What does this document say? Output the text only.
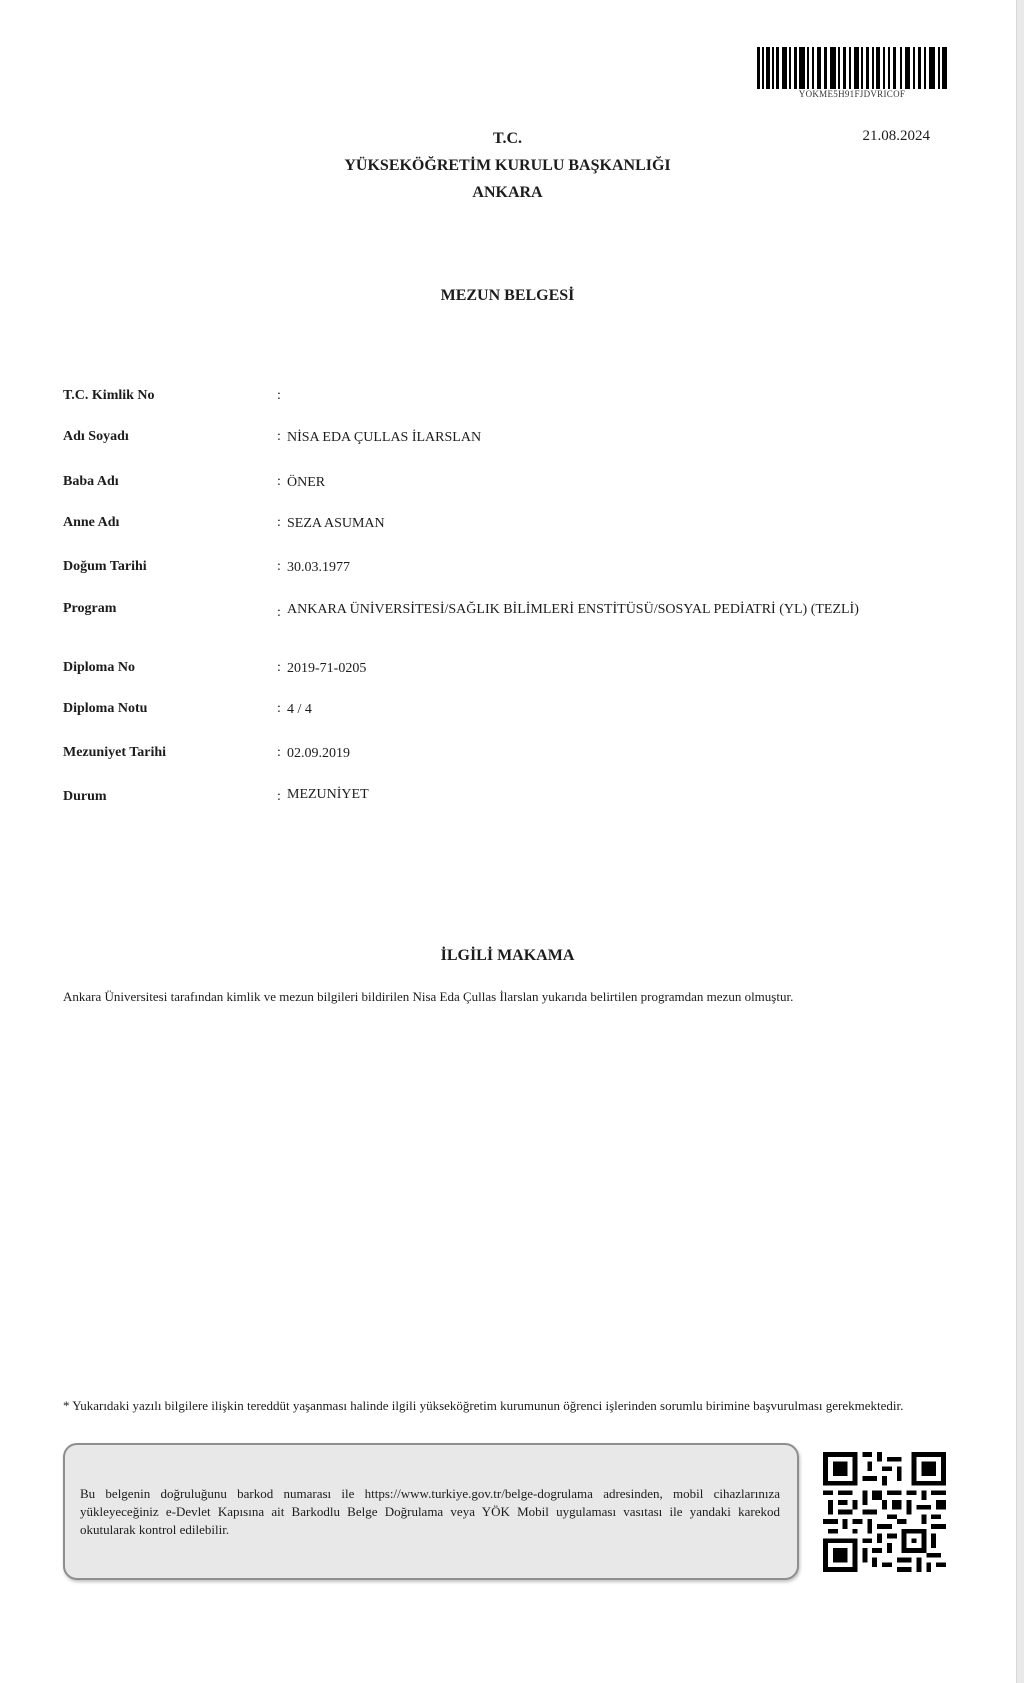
YOKME5H91FJDVRICOF
T.C.
YÜKSEKÖĞRETİM KURULU BAŞKANLIĞI
ANKARA
21.08.2024
MEZUN BELGESİ
T.C. Kimlik No	:
Adı Soyadı	: NİSA EDA ÇULLAS İLARSLAN
Baba Adı	: ÖNER
Anne Adı	: SEZA ASUMAN
Doğum Tarihi	: 30.03.1977
Program	: ANKARA ÜNİVERSİTESİ/SAĞLIK BİLİMLERİ ENSTİTÜSÜ/SOSYAL PEDİATRİ (YL) (TEZLİ)
Diploma No	: 2019-71-0205
Diploma Notu	: 4 / 4
Mezuniyet Tarihi	: 02.09.2019
Durum	: MEZUNİYET
İLGİLİ MAKAMA
Ankara Üniversitesi tarafından kimlik ve mezun bilgileri bildirilen Nisa Eda Çullas İlarslan yukarıda belirtilen programdan mezun olmuştur.
* Yukarıdaki yazılı bilgilere ilişkin tereddüt yaşanması halinde ilgili yükseköğretim kurumunun öğrenci işlerinden sorumlu birimine başvurulması gerekmektedir.
Bu belgenin doğruluğunu barkod numarası ile https://www.turkiye.gov.tr/belge-dogrulama adresinden, mobil cihazlarınıza yükleyeceğiniz e-Devlet Kapısına ait Barkodlu Belge Doğrulama veya YÖK Mobil uygulaması vasıtası ile yandaki karekod okutularak kontrol edilebilir.
